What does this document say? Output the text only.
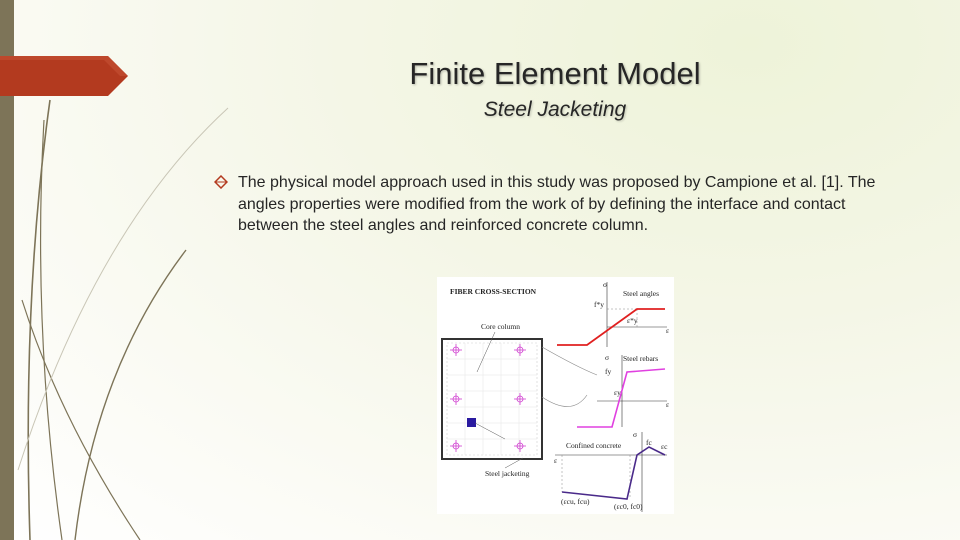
Finite Element Model
Steel Jacketing
The physical model approach used in this study was proposed by Campione et al. [1]. The angles properties were modified from the work of by defining the interface and contact between the steel angles and reinforced concrete column.
FIBER CROSS-SECTION
Core column
Steel jacketing
σ
Steel angles
f*y
ε*y
ε
σ Steel rebars
fy
εy
ε
σ
Confined concrete	fc εc
ε
(εcu, fcu)
(εc0, fc0)
